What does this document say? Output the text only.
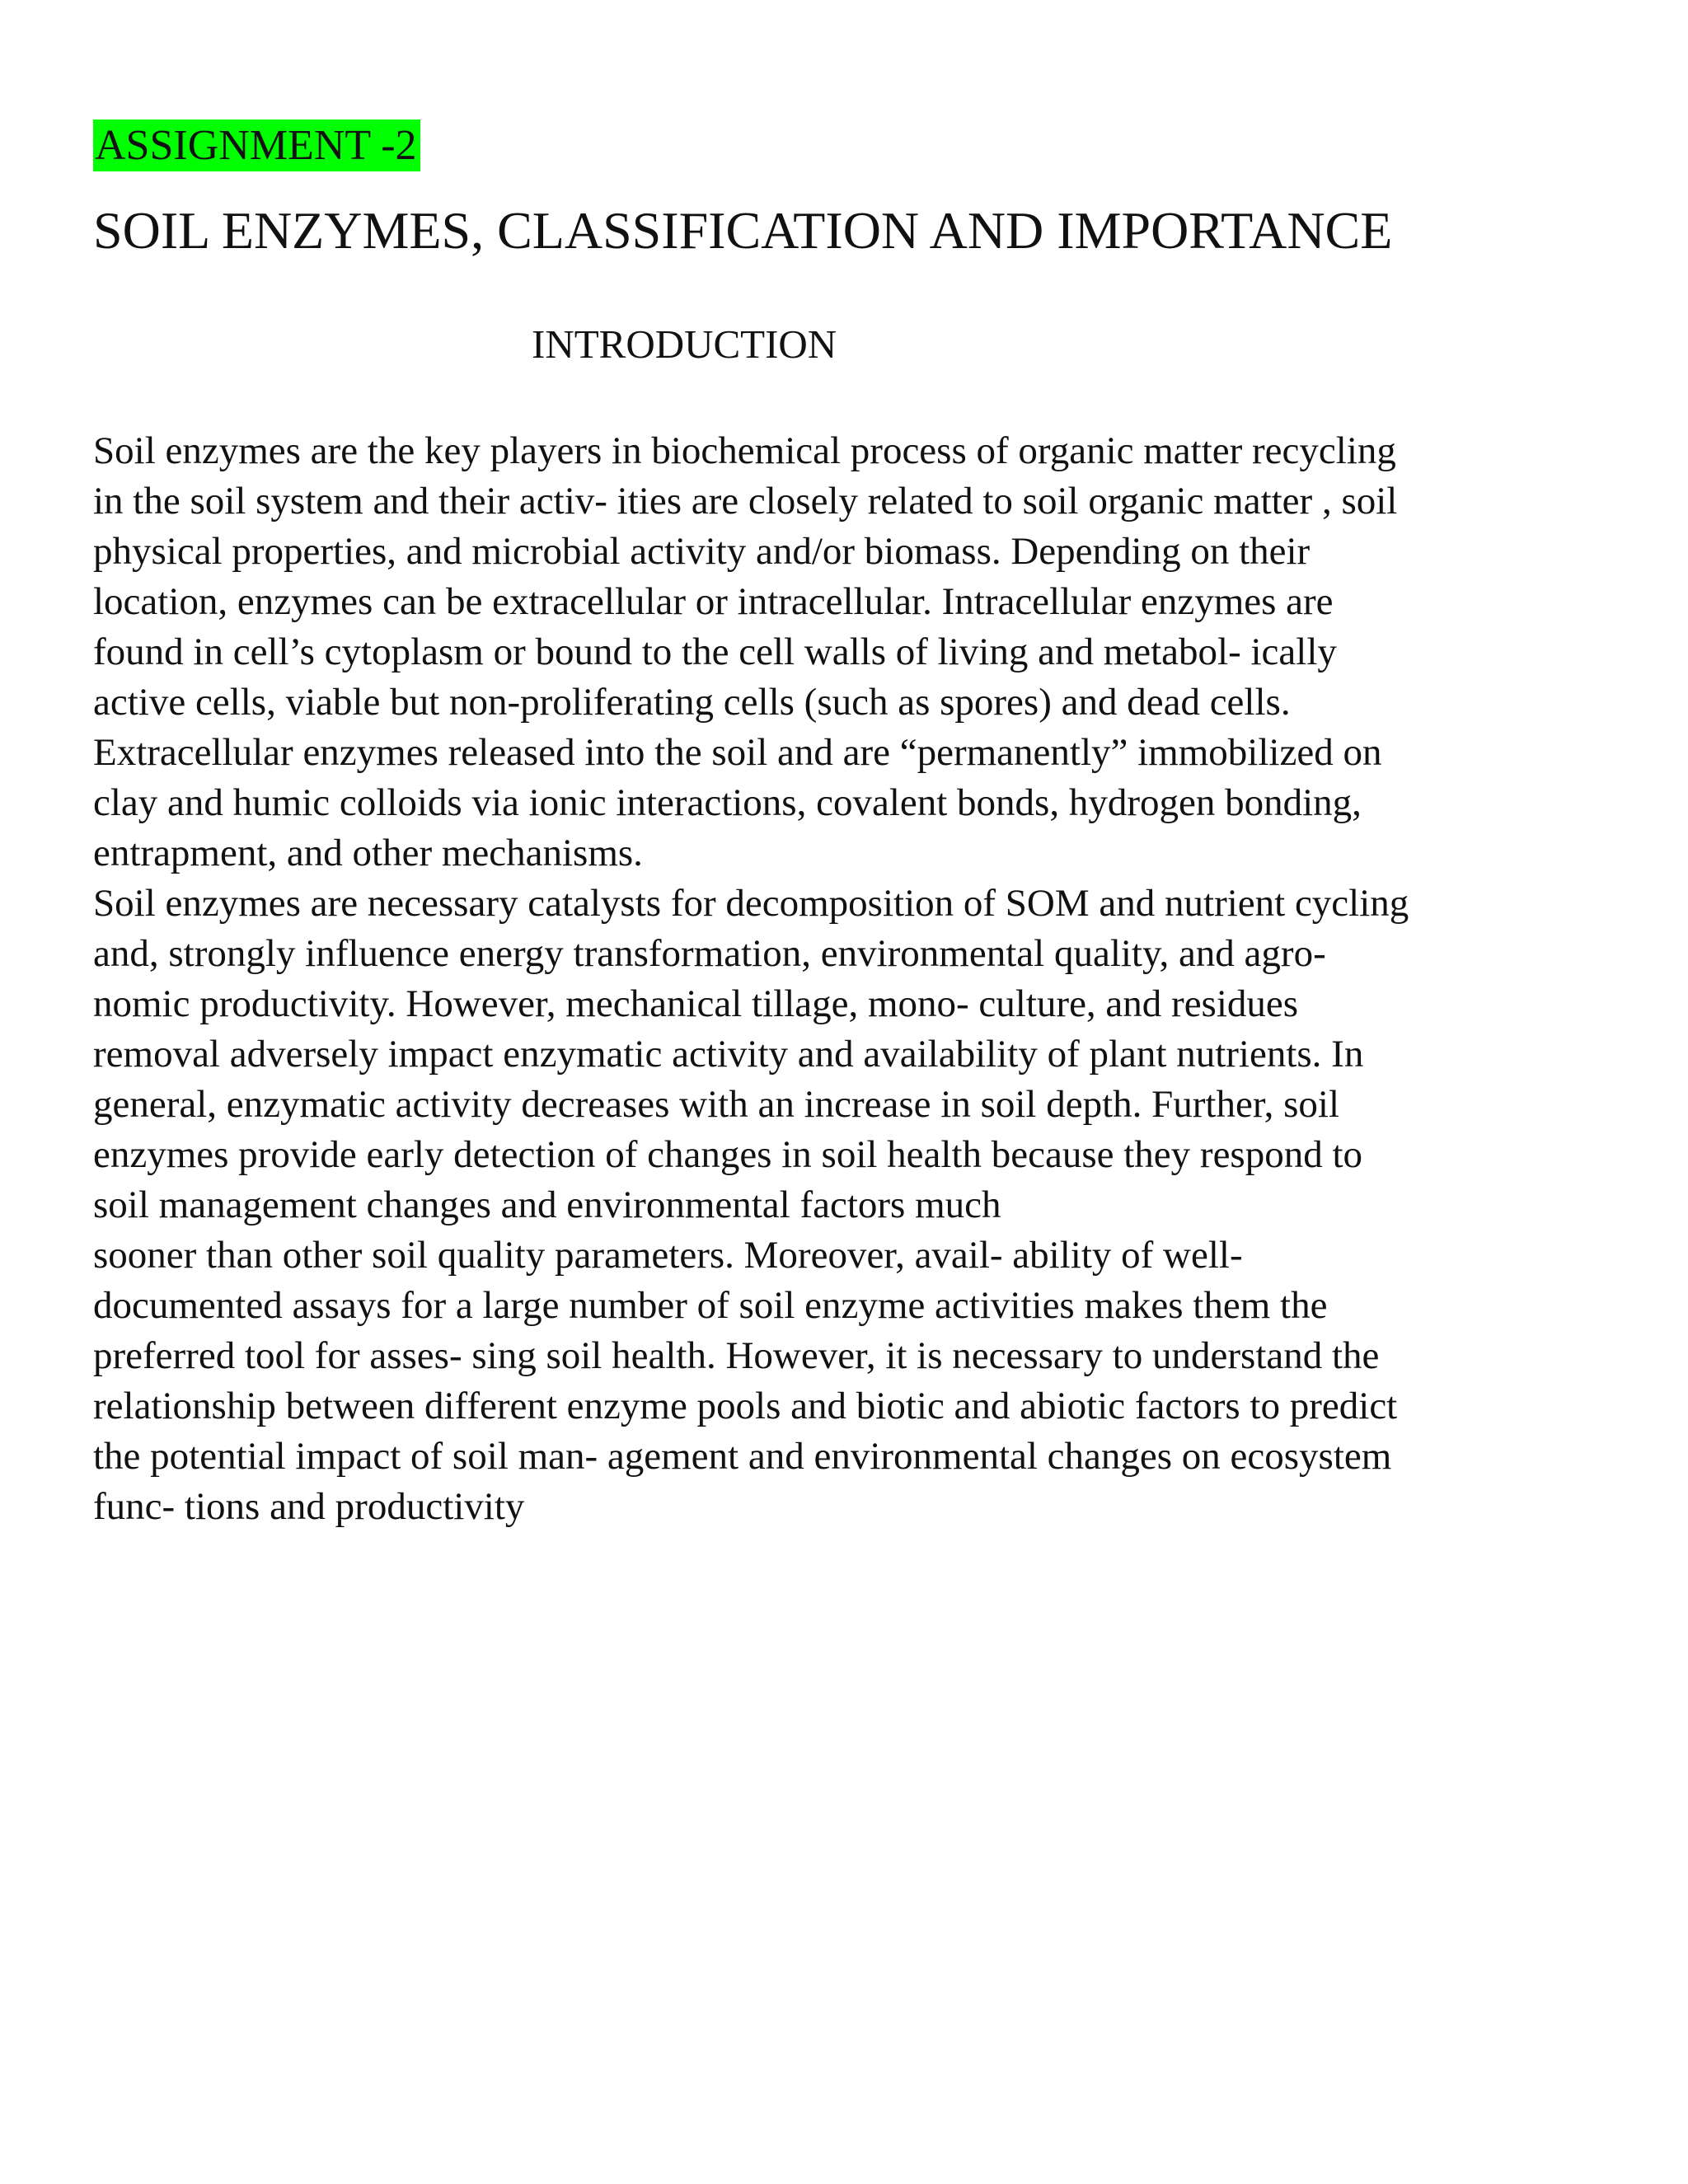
ASSIGNMENT -2
SOIL ENZYMES, CLASSIFICATION AND IMPORTANCE
INTRODUCTION
Soil enzymes are the key players in biochemical process of organic matter recycling
in the soil system and their activ- ities are closely related to soil organic matter , soil
physical properties, and microbial activity and/or biomass. Depending on their
location, enzymes can be extracellular or intracellular. Intracellular enzymes are
found in cell’s cytoplasm or bound to the cell walls of living and metabol- ically
active cells, viable but non-proliferating cells (such as spores) and dead cells.
Extracellular enzymes released into the soil and are “permanently” immobilized on
clay and humic colloids via ionic interactions, covalent bonds, hydrogen bonding,
entrapment, and other mechanisms.
Soil enzymes are necessary catalysts for decomposition of SOM and nutrient cycling
and, strongly influence energy transformation, environmental quality, and agro-
nomic productivity. However, mechanical tillage, mono- culture, and residues
removal adversely impact enzymatic activity and availability of plant nutrients. In
general, enzymatic activity decreases with an increase in soil depth. Further, soil
enzymes provide early detection of changes in soil health because they respond to
soil management changes and environmental factors much
sooner than other soil quality parameters. Moreover, avail- ability of well-
documented assays for a large number of soil enzyme activities makes them the
preferred tool for asses- sing soil health. However, it is necessary to understand the
relationship between different enzyme pools and biotic and abiotic factors to predict
the potential impact of soil man- agement and environmental changes on ecosystem
func- tions and productivity
